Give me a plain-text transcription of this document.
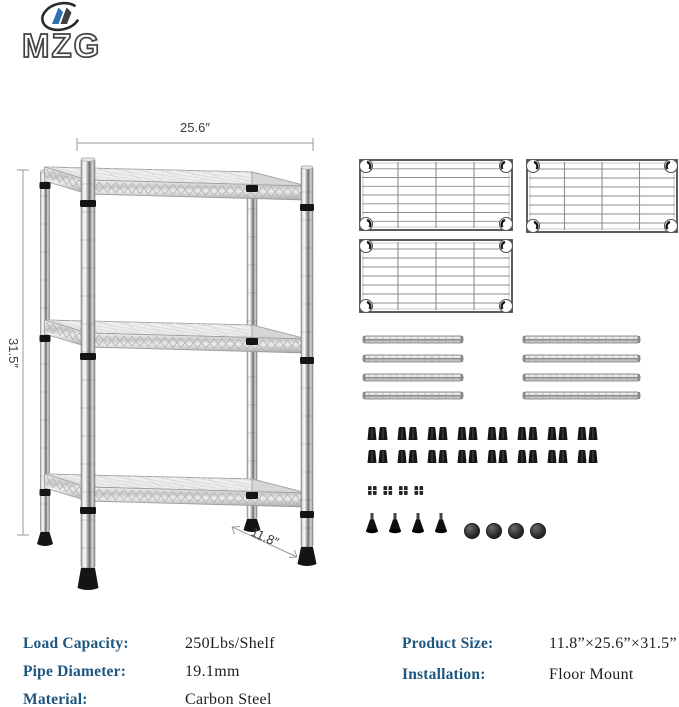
MZG
25.6″
31.5″
11.8″
Load Capacity:	250Lbs/Shelf
Pipe Diameter:	19.1mm
Material:	Carbon Steel
Product Size:	11.8”×25.6”×31.5”
Installation:	Floor Mount
